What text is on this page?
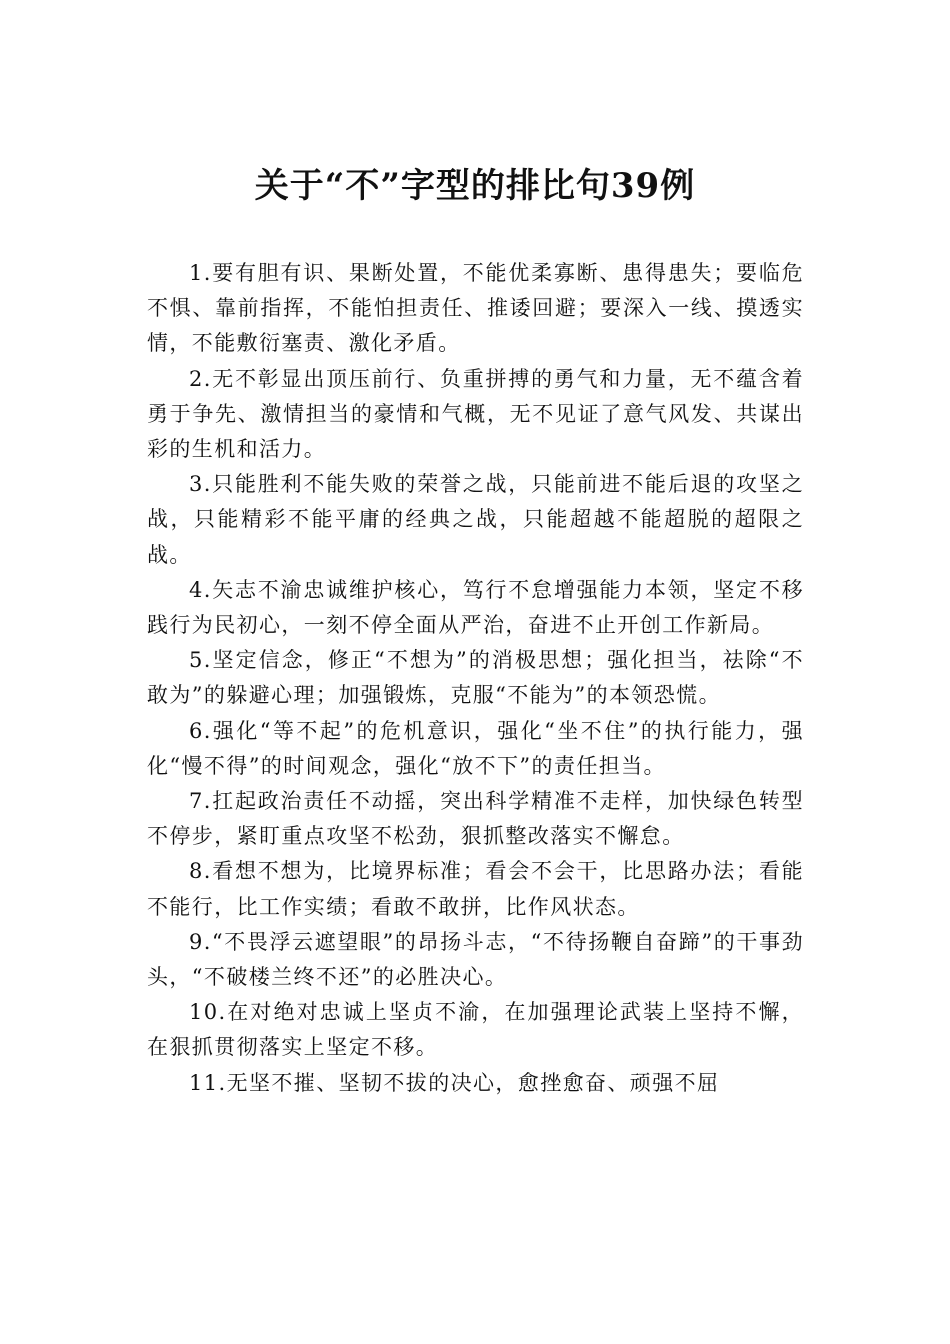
关于“不”字型的排比句39例

1.要有胆有识、果断处置，不能优柔寡断、患得患失；要临危不惧、靠前指挥，不能怕担责任、推诿回避；要深入一线、摸透实情，不能敷衍塞责、激化矛盾。

2.无不彰显出顶压前行、负重拼搏的勇气和力量，无不蕴含着勇于争先、激情担当的豪情和气概，无不见证了意气风发、共谋出彩的生机和活力。

3.只能胜利不能失败的荣誉之战，只能前进不能后退的攻坚之战，只能精彩不能平庸的经典之战，只能超越不能超脱的超限之战。

4.矢志不渝忠诚维护核心，笃行不怠增强能力本领，坚定不移践行为民初心，一刻不停全面从严治，奋进不止开创工作新局。

5.坚定信念，修正“不想为”的消极思想；强化担当，祛除“不敢为”的躲避心理；加强锻炼，克服“不能为”的本领恐慌。

6.强化“等不起”的危机意识，强化“坐不住”的执行能力，强化“慢不得”的时间观念，强化“放不下”的责任担当。

7.扛起政治责任不动摇，突出科学精准不走样，加快绿色转型不停步，紧盯重点攻坚不松劲，狠抓整改落实不懈怠。

8.看想不想为，比境界标准；看会不会干，比思路办法；看能不能行，比工作实绩；看敢不敢拼，比作风状态。

9.“不畏浮云遮望眼”的昂扬斗志，“不待扬鞭自奋蹄”的干事劲头，“不破楼兰终不还”的必胜决心。

10.在对绝对忠诚上坚贞不渝，在加强理论武装上坚持不懈，在狠抓贯彻落实上坚定不移。

11.无坚不摧、坚韧不拔的决心，愈挫愈奋、顽强不屈
